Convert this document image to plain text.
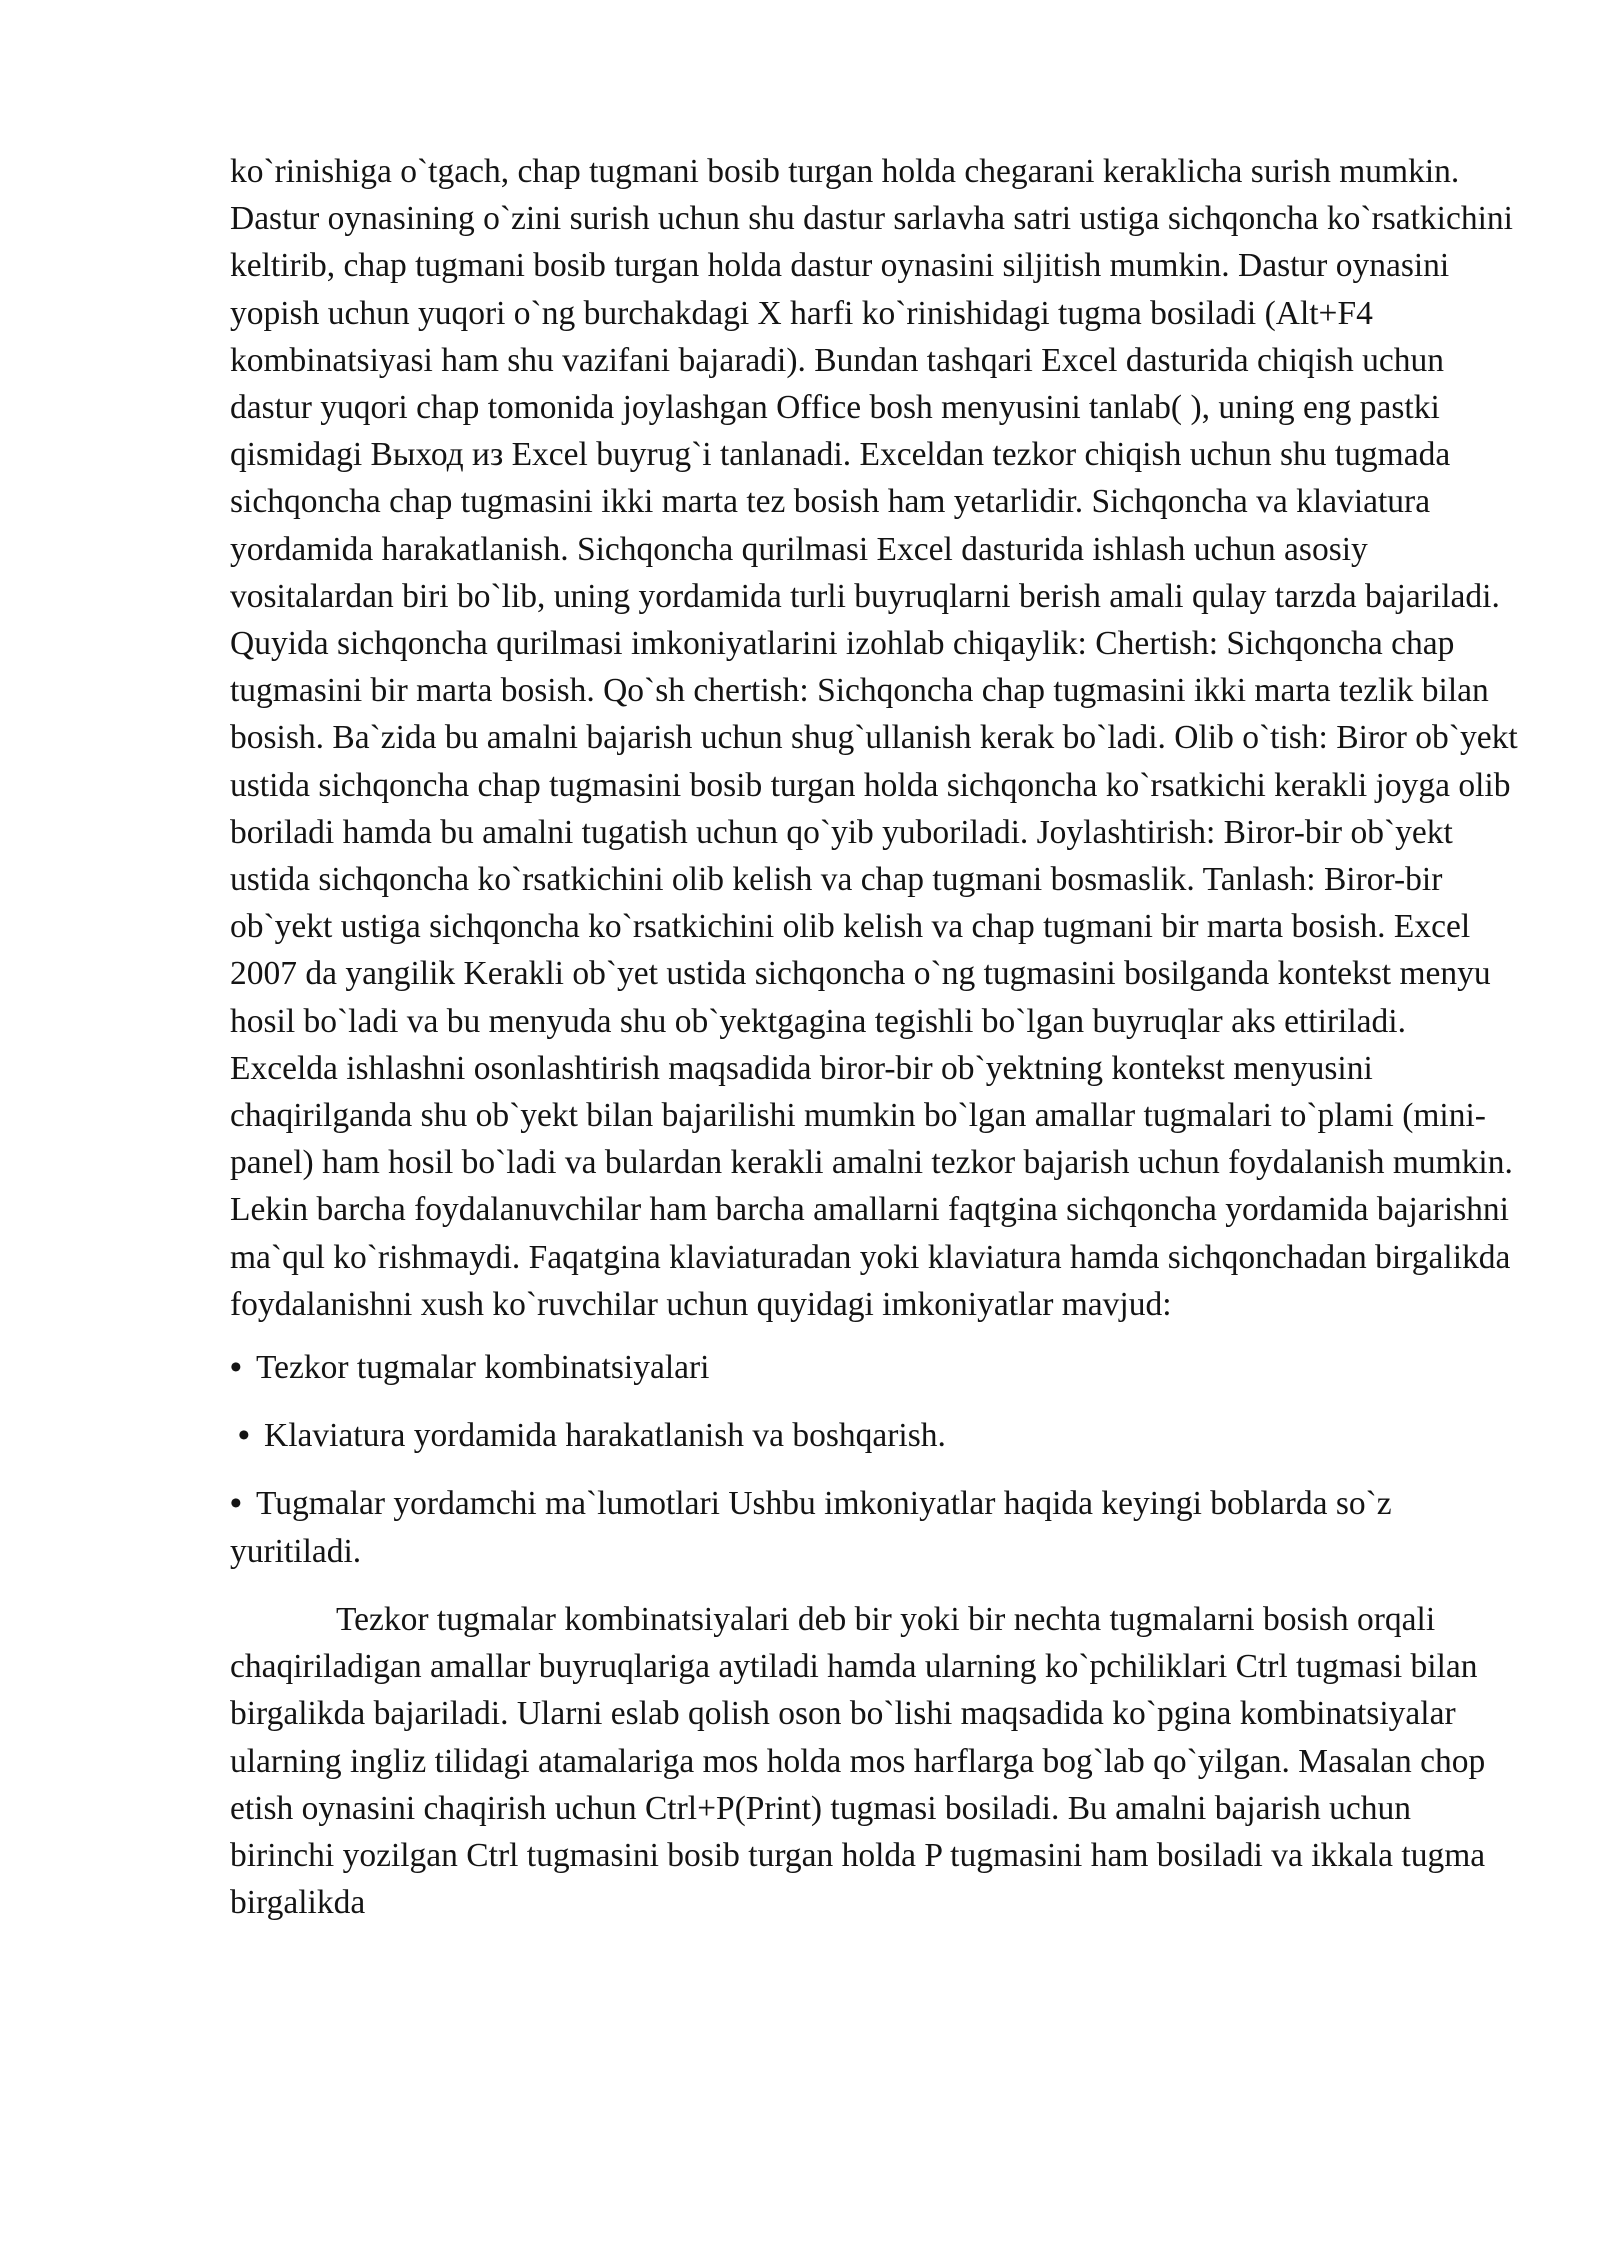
ko`rinishiga o`tgach, chap tugmani bosib turgan holda chegarani keraklicha surish mumkin. Dastur oynasining o`zini surish uchun shu dastur sarlavha satri ustiga sichqoncha ko`rsatkichini keltirib, chap tugmani bosib turgan holda dastur oynasini siljitish mumkin. Dastur oynasini yopish uchun yuqori o`ng burchakdagi X harfi ko`rinishidagi tugma bosiladi (Alt+F4 kombinatsiyasi ham shu vazifani bajaradi). Bundan tashqari Excel dasturida chiqish uchun dastur yuqori chap tomonida joylashgan Office bosh menyusini tanlab( ), uning eng pastki qismidagi Выход из Excel buyrug`i tanlanadi. Exceldan tezkor chiqish uchun shu tugmada sichqoncha chap tugmasini ikki marta tez bosish ham yetarlidir. Sichqoncha va klaviatura yordamida harakatlanish. Sichqoncha qurilmasi Excel dasturida ishlash uchun asosiy vositalardan biri bo`lib, uning yordamida turli buyruqlarni berish amali qulay tarzda bajariladi. Quyida sichqoncha qurilmasi imkoniyatlarini izohlab chiqaylik: Chertish: Sichqoncha chap tugmasini bir marta bosish. Qo`sh chertish: Sichqoncha chap tugmasini ikki marta tezlik bilan bosish. Ba`zida bu amalni bajarish uchun shug`ullanish kerak bo`ladi. Olib o`tish: Biror ob`yekt ustida sichqoncha chap tugmasini bosib turgan holda sichqoncha ko`rsatkichi kerakli joyga olib boriladi hamda bu amalni tugatish uchun qo`yib yuboriladi. Joylashtirish: Biror-bir ob`yekt ustida sichqoncha ko`rsatkichini olib kelish va chap tugmani bosmaslik. Tanlash: Biror-bir ob`yekt ustiga sichqoncha ko`rsatkichini olib kelish va chap tugmani bir marta bosish. Excel 2007 da yangilik Kerakli ob`yet ustida sichqoncha o`ng tugmasini bosilganda kontekst menyu hosil bo`ladi va bu menyuda shu ob`yektgagina tegishli bo`lgan buyruqlar aks ettiriladi. Excelda ishlashni osonlashtirish maqsadida biror-bir ob`yektning kontekst menyusini chaqirilganda shu ob`yekt bilan bajarilishi mumkin bo`lgan amallar tugmalari to`plami (mini-panel) ham hosil bo`ladi va bulardan kerakli amalni tezkor bajarish uchun foydalanish mumkin. Lekin barcha foydalanuvchilar ham barcha amallarni faqtgina sichqoncha yordamida bajarishni ma`qul ko`rishmaydi. Faqatgina klaviaturadan yoki klaviatura hamda sichqonchadan birgalikda foydalanishni xush ko`ruvchilar uchun quyidagi imkoniyatlar mavjud:

• Tezkor tugmalar kombinatsiyalari
• Klaviatura yordamida harakatlanish va boshqarish.
• Tugmalar yordamchi ma`lumotlari Ushbu imkoniyatlar haqida keyingi boblarda so`z yuritiladi.

Tezkor tugmalar kombinatsiyalari deb bir yoki bir nechta tugmalarni bosish orqali chaqiriladigan amallar buyruqlariga aytiladi hamda ularning ko`pchiliklari Ctrl tugmasi bilan birgalikda bajariladi. Ularni eslab qolish oson bo`lishi maqsadida ko`pgina kombinatsiyalar ularning ingliz tilidagi atamalariga mos holda mos harflarga bog`lab qo`yilgan. Masalan chop etish oynasini chaqirish uchun Ctrl+P(Print) tugmasi bosiladi. Bu amalni bajarish uchun birinchi yozilgan Ctrl tugmasini bosib turgan holda P tugmasini ham bosiladi va ikkala tugma birgalikda
